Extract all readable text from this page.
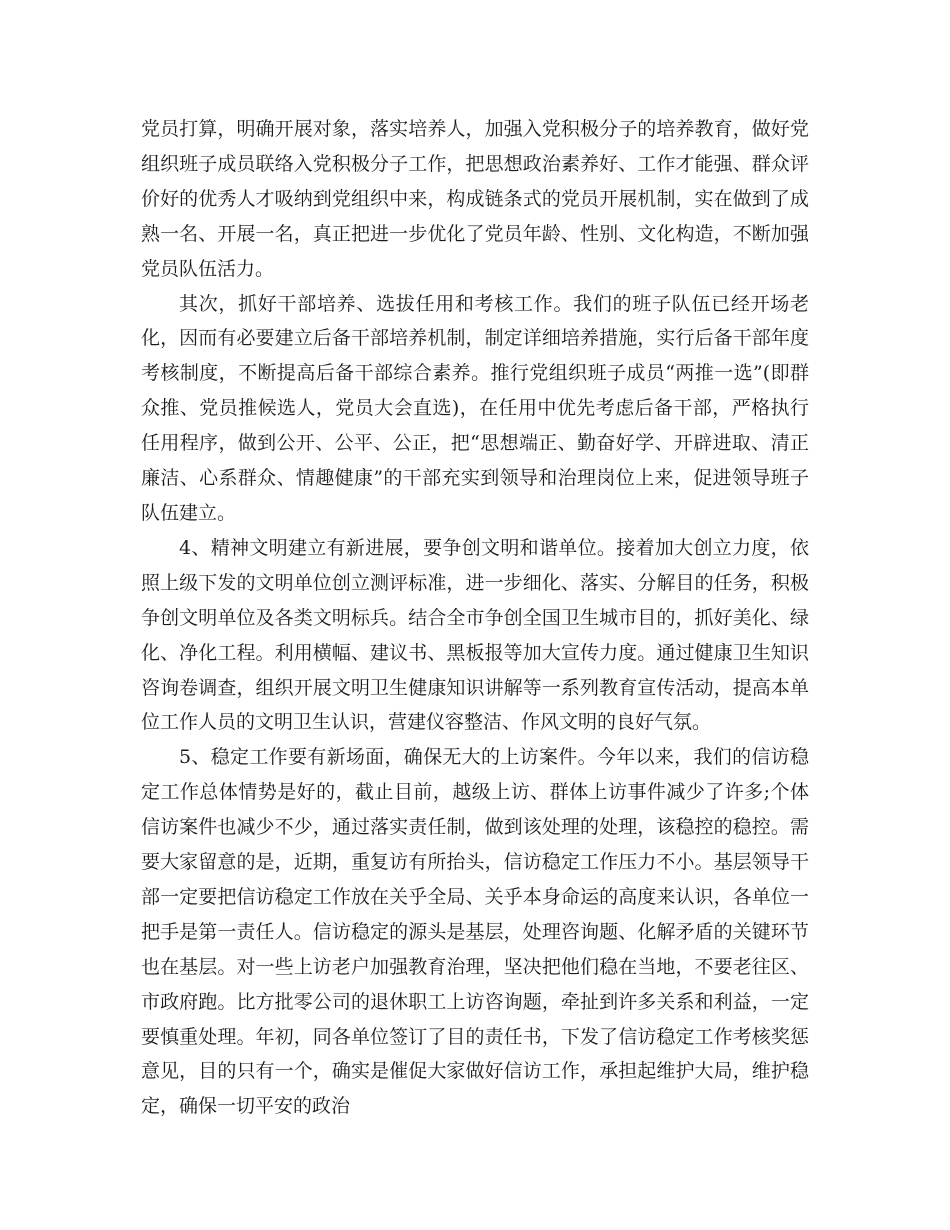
党员打算，明确开展对象，落实培养人，加强入党积极分子的培养教育，做好党组织班子成员联络入党积极分子工作，把思想政治素养好、工作才能强、群众评价好的优秀人才吸纳到党组织中来，构成链条式的党员开展机制，实在做到了成熟一名、开展一名，真正把进一步优化了党员年龄、性别、文化构造，不断加强党员队伍活力。

其次，抓好干部培养、选拔任用和考核工作。我们的班子队伍已经开场老化，因而有必要建立后备干部培养机制，制定详细培养措施，实行后备干部年度考核制度，不断提高后备干部综合素养。推行党组织班子成员“两推一选”(即群众推、党员推候选人，党员大会直选)，在任用中优先考虑后备干部，严格执行任用程序，做到公开、公平、公正，把“思想端正、勤奋好学、开辟进取、清正廉洁、心系群众、情趣健康”的干部充实到领导和治理岗位上来，促进领导班子队伍建立。

4、精神文明建立有新进展，要争创文明和谐单位。接着加大创立力度，依照上级下发的文明单位创立测评标准，进一步细化、落实、分解目的任务，积极争创文明单位及各类文明标兵。结合全市争创全国卫生城市目的，抓好美化、绿化、净化工程。利用横幅、建议书、黑板报等加大宣传力度。通过健康卫生知识咨询卷调查，组织开展文明卫生健康知识讲解等一系列教育宣传活动，提高本单位工作人员的文明卫生认识，营建仪容整洁、作风文明的良好气氛。

5、稳定工作要有新场面，确保无大的上访案件。今年以来，我们的信访稳定工作总体情势是好的，截止目前，越级上访、群体上访事件减少了许多;个体信访案件也减少不少，通过落实责任制，做到该处理的处理，该稳控的稳控。需要大家留意的是，近期，重复访有所抬头，信访稳定工作压力不小。基层领导干部一定要把信访稳定工作放在关乎全局、关乎本身命运的高度来认识，各单位一把手是第一责任人。信访稳定的源头是基层，处理咨询题、化解矛盾的关键环节也在基层。对一些上访老户加强教育治理，坚决把他们稳在当地，不要老往区、市政府跑。比方批零公司的退休职工上访咨询题，牵扯到许多关系和利益，一定要慎重处理。年初，同各单位签订了目的责任书，下发了信访稳定工作考核奖惩意见，目的只有一个，确实是催促大家做好信访工作，承担起维护大局，维护稳定，确保一切平安的政治
